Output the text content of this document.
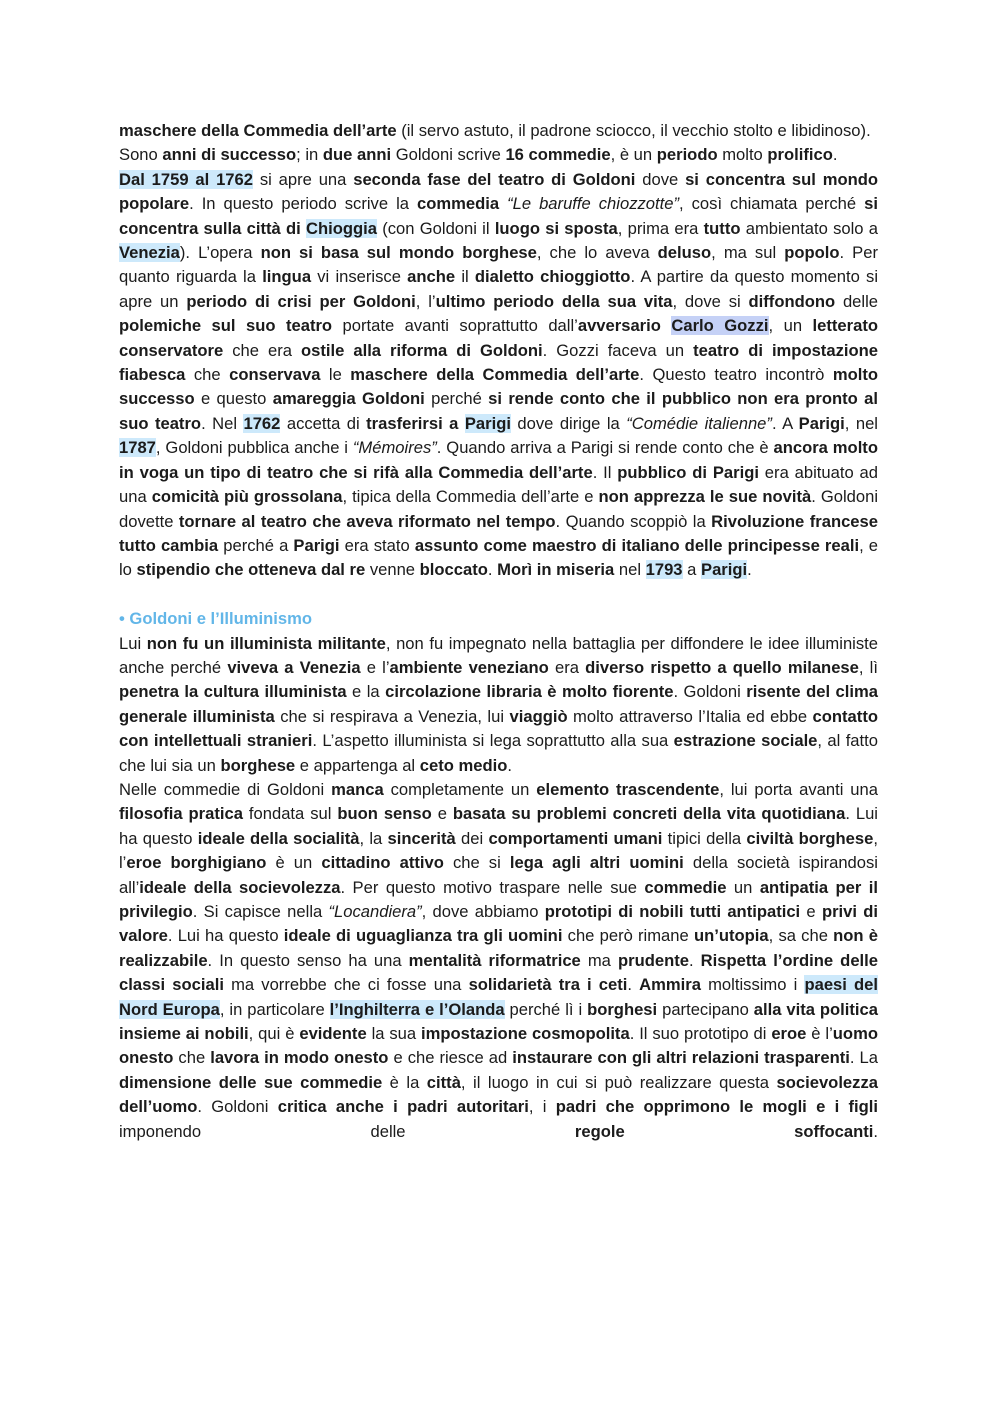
maschere della Commedia dell’arte (il servo astuto, il padrone sciocco, il vecchio stolto e libidinoso).

Sono anni di successo; in due anni Goldoni scrive 16 commedie, è un periodo molto prolifico.

Dal 1759 al 1762 si apre una seconda fase del teatro di Goldoni dove si concentra sul mondo popolare. In questo periodo scrive la commedia “Le baruffe chiozzotte”, così chiamata perché si concentra sulla città di Chioggia (con Goldoni il luogo si sposta, prima era tutto ambientato solo a Venezia). L’opera non si basa sul mondo borghese, che lo aveva deluso, ma sul popolo. Per quanto riguarda la lingua vi inserisce anche il dialetto chioggiotto. A partire da questo momento si apre un periodo di crisi per Goldoni, l’ultimo periodo della sua vita, dove si diffondono delle polemiche sul suo teatro portate avanti soprattutto dall’avversario Carlo Gozzi, un letterato conservatore che era ostile alla riforma di Goldoni. Gozzi faceva un teatro di impostazione fiabesca che conservava le maschere della Commedia dell’arte. Questo teatro incontrò molto successo e questo amareggia Goldoni perché si rende conto che il pubblico non era pronto al suo teatro. Nel 1762 accetta di trasferirsi a Parigi dove dirige la “Comédie italienne”. A Parigi, nel 1787, Goldoni pubblica anche i “Mémoires”. Quando arriva a Parigi si rende conto che è ancora molto in voga un tipo di teatro che si rifà alla Commedia dell’arte. Il pubblico di Parigi era abituato ad una comicità più grossolana, tipica della Commedia dell’arte e non apprezza le sue novità. Goldoni dovette tornare al teatro che aveva riformato nel tempo. Quando scoppiò la Rivoluzione francese tutto cambia perché a Parigi era stato assunto come maestro di italiano delle principesse reali, e lo stipendio che otteneva dal re venne bloccato. Morì in miseria nel 1793 a Parigi.

• Goldoni e l’Illuminismo

Lui non fu un illuminista militante, non fu impegnato nella battaglia per diffondere le idee illuministe anche perché viveva a Venezia e l’ambiente veneziano era diverso rispetto a quello milanese, lì penetra la cultura illuminista e la circolazione libraria è molto fiorente. Goldoni risente del clima generale illuminista che si respirava a Venezia, lui viaggiò molto attraverso l’Italia ed ebbe contatto con intellettuali stranieri. L’aspetto illuminista si lega soprattutto alla sua estrazione sociale, al fatto che lui sia un borghese e appartenga al ceto medio.

Nelle commedie di Goldoni manca completamente un elemento trascendente, lui porta avanti una filosofia pratica fondata sul buon senso e basata su problemi concreti della vita quotidiana. Lui ha questo ideale della socialità, la sincerità dei comportamenti umani tipici della civiltà borghese, l’eroe borghigiano è un cittadino attivo che si lega agli altri uomini della società ispirandosi all’ideale della socievolezza. Per questo motivo traspare nelle sue commedie un antipatia per il privilegio. Si capisce nella “Locandiera”, dove abbiamo prototipi di nobili tutti antipatici e privi di valore. Lui ha questo ideale di uguaglianza tra gli uomini che però rimane un’utopia, sa che non è realizzabile. In questo senso ha una mentalità riformatrice ma prudente. Rispetta l’ordine delle classi sociali ma vorrebbe che ci fosse una solidarietà tra i ceti. Ammira moltissimo i paesi del Nord Europa, in particolare l’Inghilterra e l’Olanda perché lì i borghesi partecipano alla vita politica insieme ai nobili, qui è evidente la sua impostazione cosmopolita. Il suo prototipo di eroe è l’uomo onesto che lavora in modo onesto e che riesce ad instaurare con gli altri relazioni trasparenti. La dimensione delle sue commedie è la città, il luogo in cui si può realizzare questa socievolezza dell’uomo. Goldoni critica anche i padri autoritari, i padri che opprimono le mogli e i figli imponendo delle regole soffocanti.
